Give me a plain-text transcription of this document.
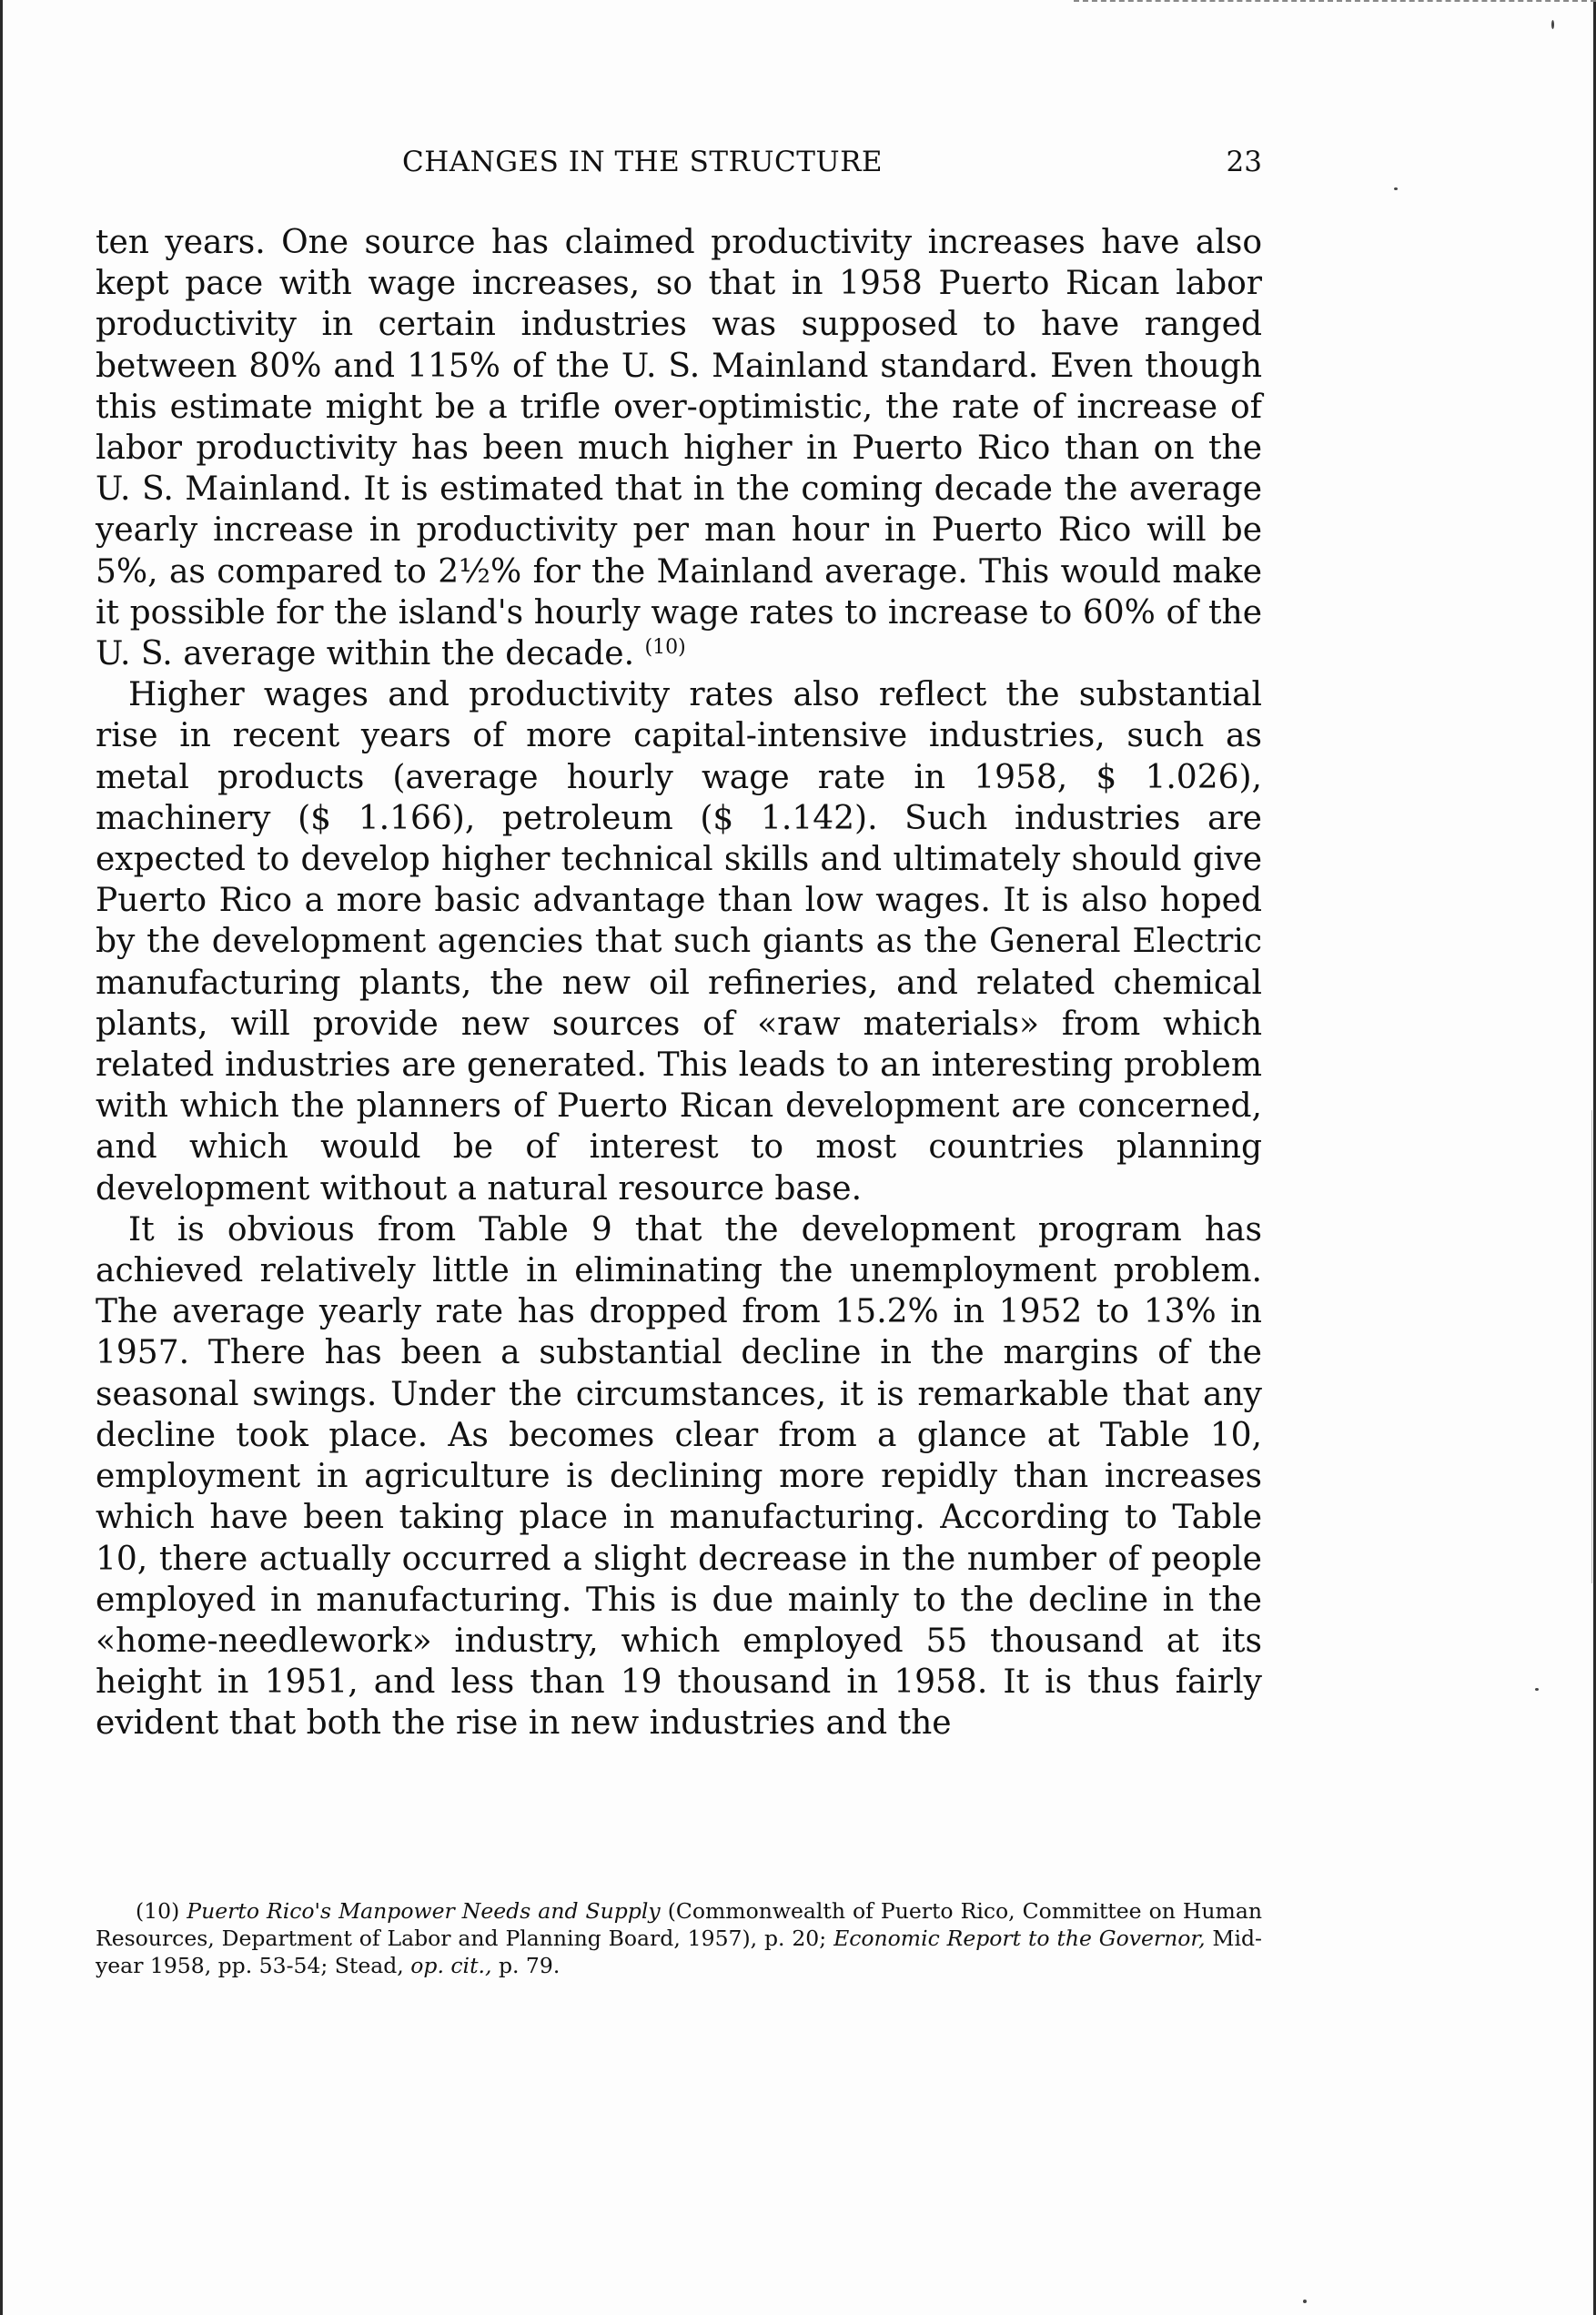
CHANGES IN THE STRUCTURE	23

ten years. One source has claimed productivity increases have also kept pace with wage increases, so that in 1958 Puerto Rican labor productivity in certain industries was supposed to have ranged between 80% and 115% of the U. S. Mainland standard. Even though this estimate might be a trifle over-optimistic, the rate of increase of labor productivity has been much higher in Puerto Rico than on the U. S. Mainland. It is estimated that in the coming decade the average yearly increase in productivity per man hour in Puerto Rico will be 5%, as compared to 2½% for the Mainland average. This would make it possible for the island's hourly wage rates to increase to 60% of the U. S. average within the decade. $^{(10)}$

Higher wages and productivity rates also reflect the substantial rise in recent years of more capital-intensive industries, such as metal products (average hourly wage rate in 1958, $ 1.026), machinery ($ 1.166), petroleum ($ 1.142). Such industries are expected to develop higher technical skills and ultimately should give Puerto Rico a more basic advantage than low wages. It is also hoped by the development agencies that such giants as the General Electric manufacturing plants, the new oil refineries, and related chemical plants, will provide new sources of «raw materials» from which related industries are generated. This leads to an interesting problem with which the planners of Puerto Rican development are concerned, and which would be of interest to most countries planning development without a natural resource base.

It is obvious from Table 9 that the development program has achieved relatively little in eliminating the unemployment problem. The average yearly rate has dropped from 15.2% in 1952 to 13% in 1957. There has been a substantial decline in the margins of the seasonal swings. Under the circumstances, it is remarkable that any decline took place. As becomes clear from a glance at Table 10, employment in agriculture is declining more repidly than increases which have been taking place in manufacturing. According to Table 10, there actually occurred a slight decrease in the number of people employed in manufacturing. This is due mainly to the decline in the «home-needlework» industry, which employed 55 thousand at its height in 1951, and less than 19 thousand in 1958. It is thus fairly evident that both the rise in new industries and the

(10) Puerto Rico's Manpower Needs and Supply (Commonwealth of Puerto Rico, Committee on Human Resources, Department of Labor and Planning Board, 1957), p. 20; Economic Report to the Governor, Mid-year 1958, pp. 53-54; Stead, op. cit., p. 79.
